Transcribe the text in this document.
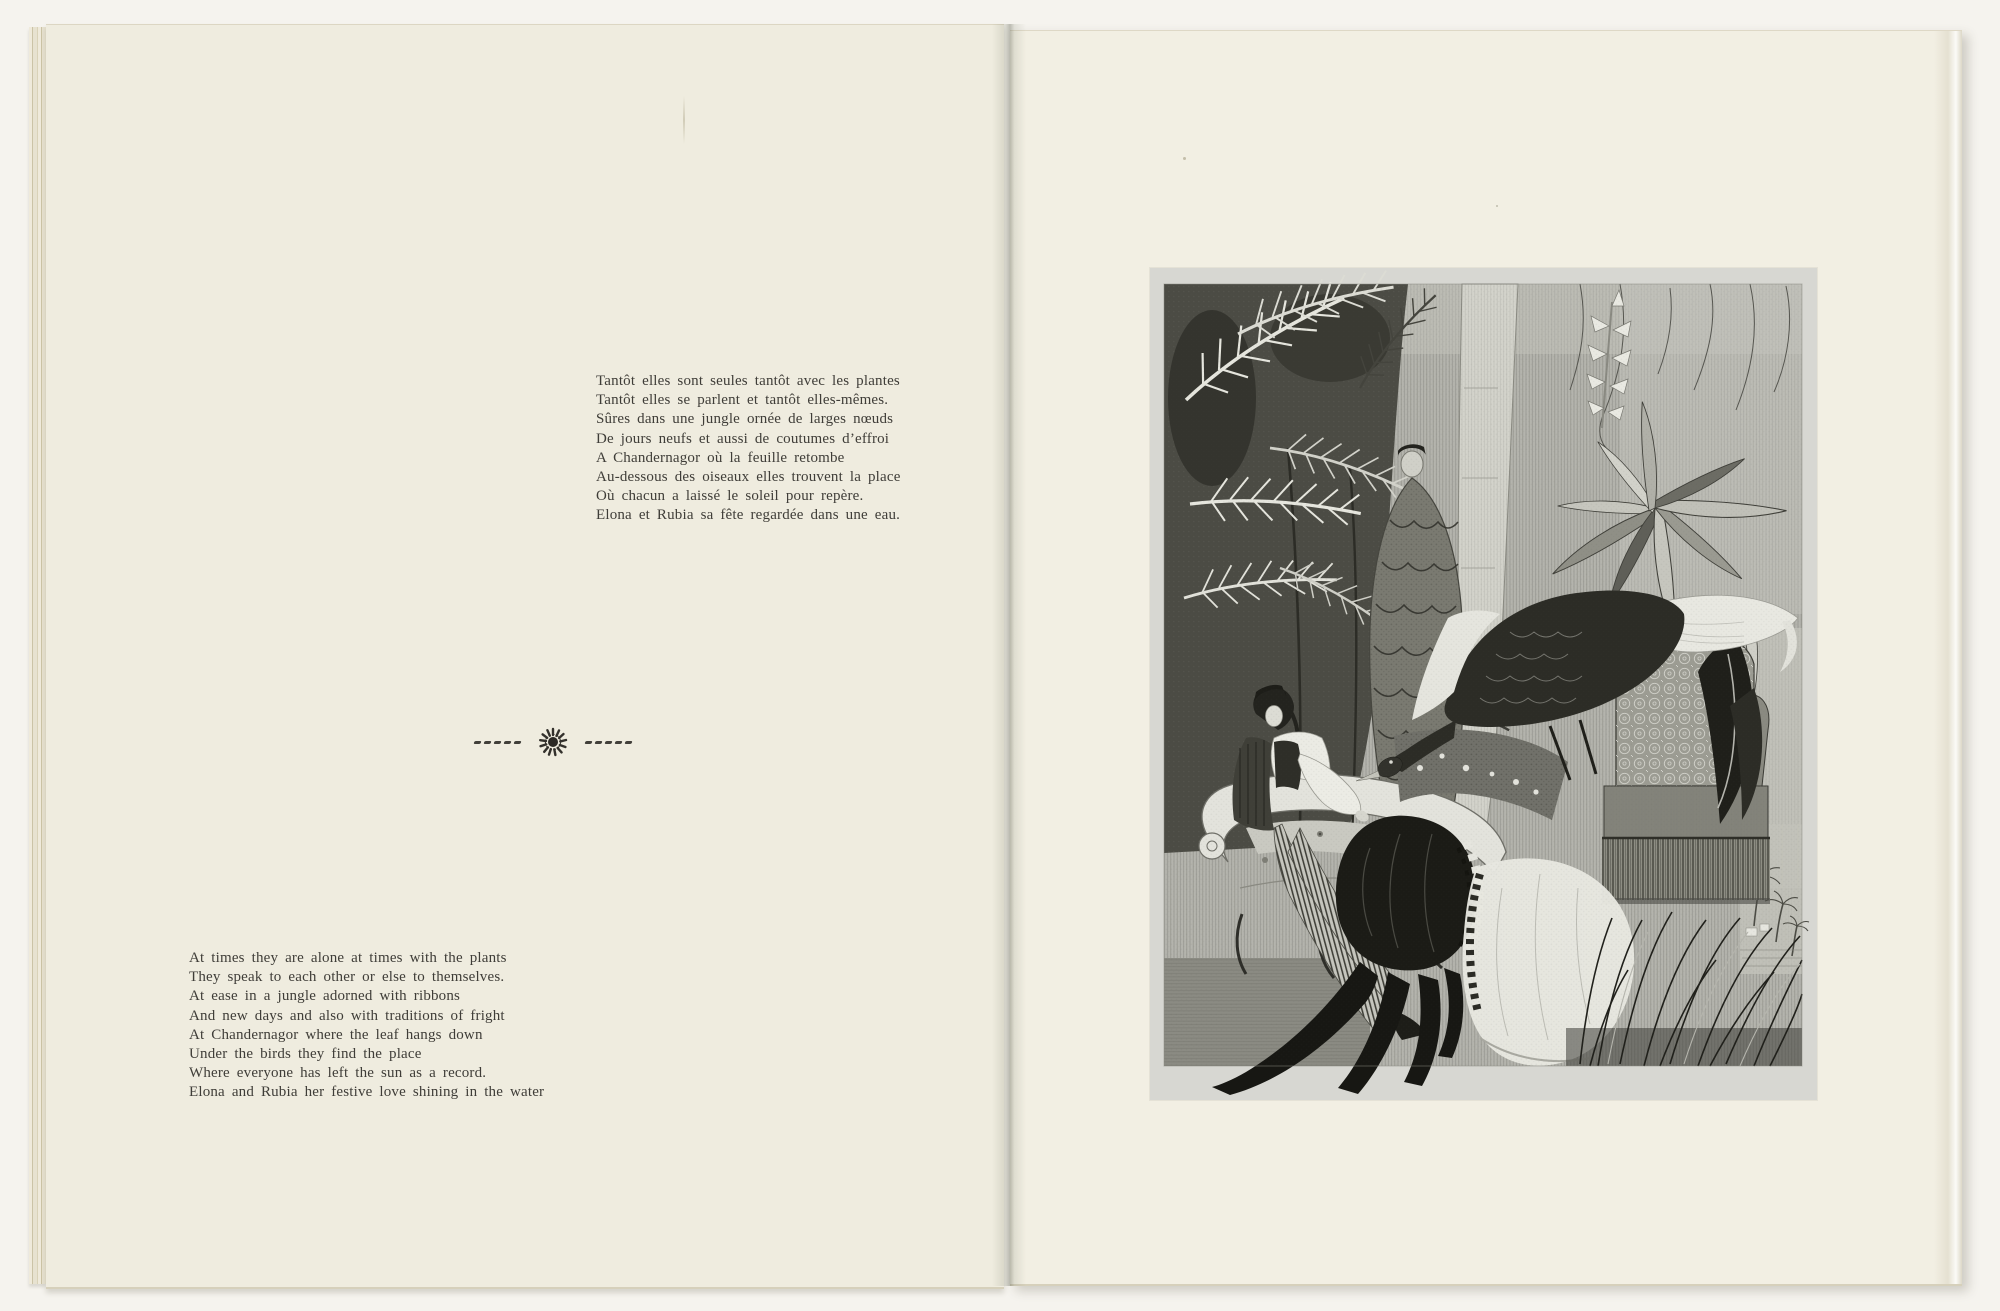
Tantôt elles sont seules tantôt avec les plantes
Tantôt elles se parlent et tantôt elles-mêmes.
Sûres dans une jungle ornée de larges nœuds
De jours neufs et aussi de coutumes d’effroi
A Chandernagor où la feuille retombe
Au-dessous des oiseaux elles trouvent la place
Où chacun a laissé le soleil pour repère.
Elona et Rubia sa fête regardée dans une eau.
At times they are alone at times with the plants
They speak to each other or else to themselves.
At ease in a jungle adorned with ribbons
And new days and also with traditions of fright
At Chandernagor where the leaf hangs down
Under the birds they find the place
Where everyone has left the sun as a record.
Elona and Rubia her festive love shining in the water
